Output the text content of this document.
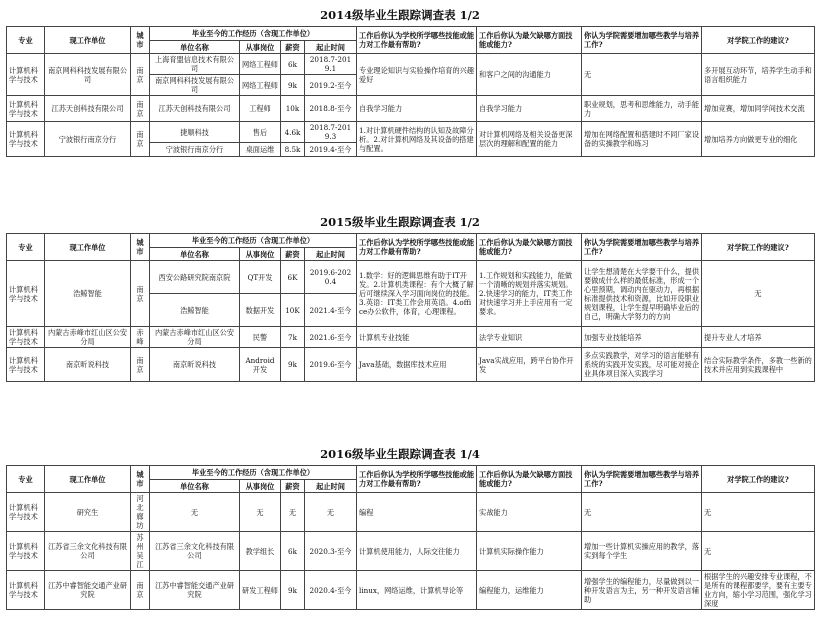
2014级毕业生跟踪调查表 1/2
专业	现工作单位	城市	毕业至今的工作经历（含现工作单位）				工作后你认为学校所学哪些技能或能力对工作最有帮助?	工作后你认为最欠缺哪方面技能或能力?	你认为学院需要增加哪些教学与培养工作?	对学院工作的建议?
			单位名称	从事岗位	薪资	起止时间				
计算机科学与技术	南京网科科技发展有限公司	南京	上海育盟信息技术有限公司	网络工程师	6k	2018.7-2019.1	专业理论知识与实验操作培育的兴趣爱好	和客户之间的沟通能力	无	多开展互动环节，培养学生动手和语言组织能力
			南京网科科技发展有限公司	网络工程师	9k	2019.2-至今				
计算机科学与技术	江苏天创科技有限公司	南京	江苏天创科技有限公司	工程师	10k	2018.8-至今	自我学习能力	自我学习能力	职业规划，思考和思维能力，动手能力	增加竞赛，增加同学间技术交流
计算机科学与技术	宁波银行南京分行	南京	捷顺科技	售后	4.6k	2018.7-2019.3	1.对计算机硬件结构的认知及故障分析。2.对计算机网络及其设备的搭建与配置。	对计算机网络及相关设备更深层次的理解和配置的能力	增加在网络配置和搭建时不同厂家设备的实操教学和练习	增加培养方向做更专业的细化
			宁波银行南京分行	桌面运维	8.5k	2019.4-至今				
2015级毕业生跟踪调查表 1/2
专业	现工作单位	城市	毕业至今的工作经历（含现工作单位）				工作后你认为学校所学哪些技能或能力对工作最有帮助?	工作后你认为最欠缺哪方面技能或能力?	你认为学院需要增加哪些教学与培养工作?	对学院工作的建议?
			单位名称	从事岗位	薪资	起止时间				
计算机科学与技术	浩鲸智能	南京	西安公路研究院南京院	QT开发	6K	2019.6-2020.4	1.数学：好的逻辑思维有助于IT开发。2.计算机类课程：有个大概了解后可继续深入学习面向岗位的技能。3.英语：IT类工作会用英语。4.office办公软件，体育，心理课程。	1.工作规划和实践能力，能做一个清晰的规划并落实规划。2.快速学习的能力，IT类工作对快速学习并上手应用有一定要求。	让学生想清楚在大学要干什么，提供要做成什么样的最低标准，形成一个心里预期，调动内在驱动力，再根据标准提供技术和资源，比如开设职业规划课程，让学生提早明确毕业后的自己，明确大学努力的方向	无
			浩鲸智能	数据开发	10K	2021.4-至今				
计算机科学与技术	内蒙古赤峰市红山区公安分局	赤峰	内蒙古赤峰市红山区公安分局	民警	7k	2021.6-至今	计算机专业技能	法学专业知识	加强专业技能培养	提升专业人才培养
计算机科学与技术	南京昕说科技	南京	南京昕说科技	Android开发	9k	2019.6-至今	Java基础，数据库技术应用	Java实战应用，跨平台协作开发	多点实践教学，对学习的语言能够有系统的实践开发实践，尽可能对接企业具体项目深入实践学习	结合实际教学条件，多教一些新的技术并应用到实践课程中
2016级毕业生跟踪调查表 1/4
专业	现工作单位	城市	毕业至今的工作经历（含现工作单位）				工作后你认为学校所学哪些技能或能力对工作最有帮助?	工作后你认为最欠缺哪方面技能或能力?	你认为学院需要增加哪些教学与培养工作?	对学院工作的建议?
			单位名称	从事岗位	薪资	起止时间				
计算机科学与技术	研究生	河北廊坊	无	无	无	无	编程	实战能力	无	无
计算机科学与技术	江苏省三余文化科技有限公司	苏州吴江	江苏省三余文化科技有限公司	教学组长	6k	2020.3-至今	计算机使用能力，人际交往能力	计算机实际操作能力	增加一些计算机实操应用的教学，落实到每个学生	无
计算机科学与技术	江苏中睿智能交通产业研究院	南京	江苏中睿智能交通产业研究院	研发工程师	9k	2020.4-至今	linux，网络运维，计算机导论等	编程能力，运维能力	增强学生的编程能力，尽量做到以一种开发语言为主，另一种开发语言辅助	根据学生的兴趣安排专业课程，不是所有的课程都要学，要有主要专业方向，缩小学习范围，强化学习深度
